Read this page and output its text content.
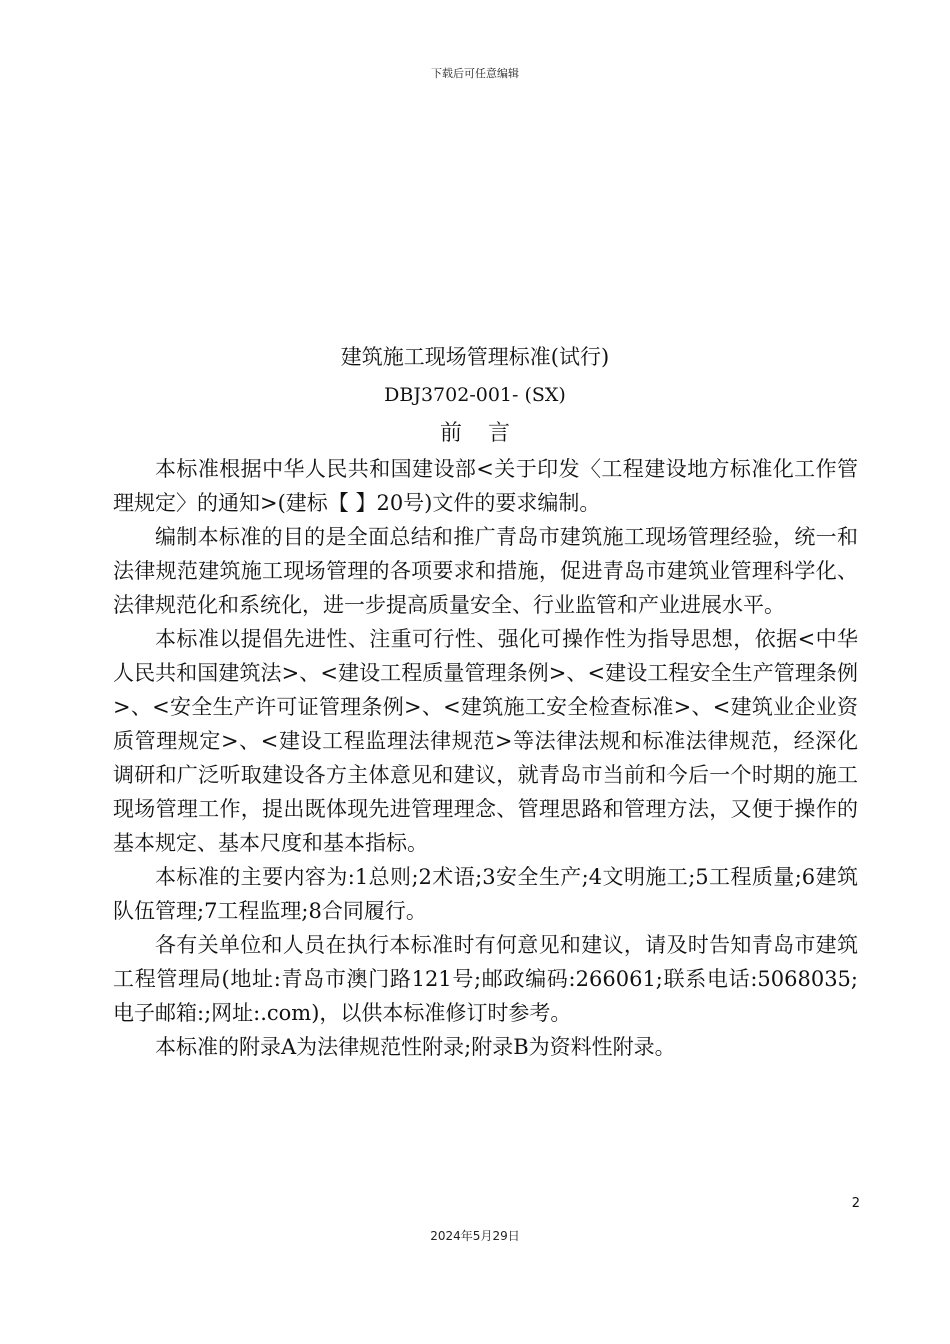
下载后可任意编辑
建筑施工现场管理标准(试行)
DBJ3702-001- (SX)
前言

本标准根据中华人民共和国建设部<关于印发〈工程建设地方标准化工作管理规定〉的通知>(建标【 】20号)文件的要求编制。

编制本标准的目的是全面总结和推广青岛市建筑施工现场管理经验，统一和法律规范建筑施工现场管理的各项要求和措施，促进青岛市建筑业管理科学化、法律规范化和系统化，进一步提高质量安全、行业监管和产业进展水平。

本标准以提倡先进性、注重可行性、强化可操作性为指导思想，依据<中华人民共和国建筑法>、<建设工程质量管理条例>、<建设工程安全生产管理条例>、<安全生产许可证管理条例>、<建筑施工安全检查标准>、<建筑业企业资质管理规定>、<建设工程监理法律规范>等法律法规和标准法律规范，经深化调研和广泛听取建设各方主体意见和建议，就青岛市当前和今后一个时期的施工现场管理工作，提出既体现先进管理理念、管理思路和管理方法，又便于操作的基本规定、基本尺度和基本指标。

本标准的主要内容为:1总则;2术语;3安全生产;4文明施工;5工程质量;6建筑队伍管理;7工程监理;8合同履行。

各有关单位和人员在执行本标准时有何意见和建议，请及时告知青岛市建筑工程管理局(地址:青岛市澳门路121号;邮政编码:266061;联系电话:5068035;电子邮箱:;网址:.com)，以供本标准修订时参考。

本标准的附录A为法律规范性附录;附录B为资料性附录。

2
2024年5月29日
